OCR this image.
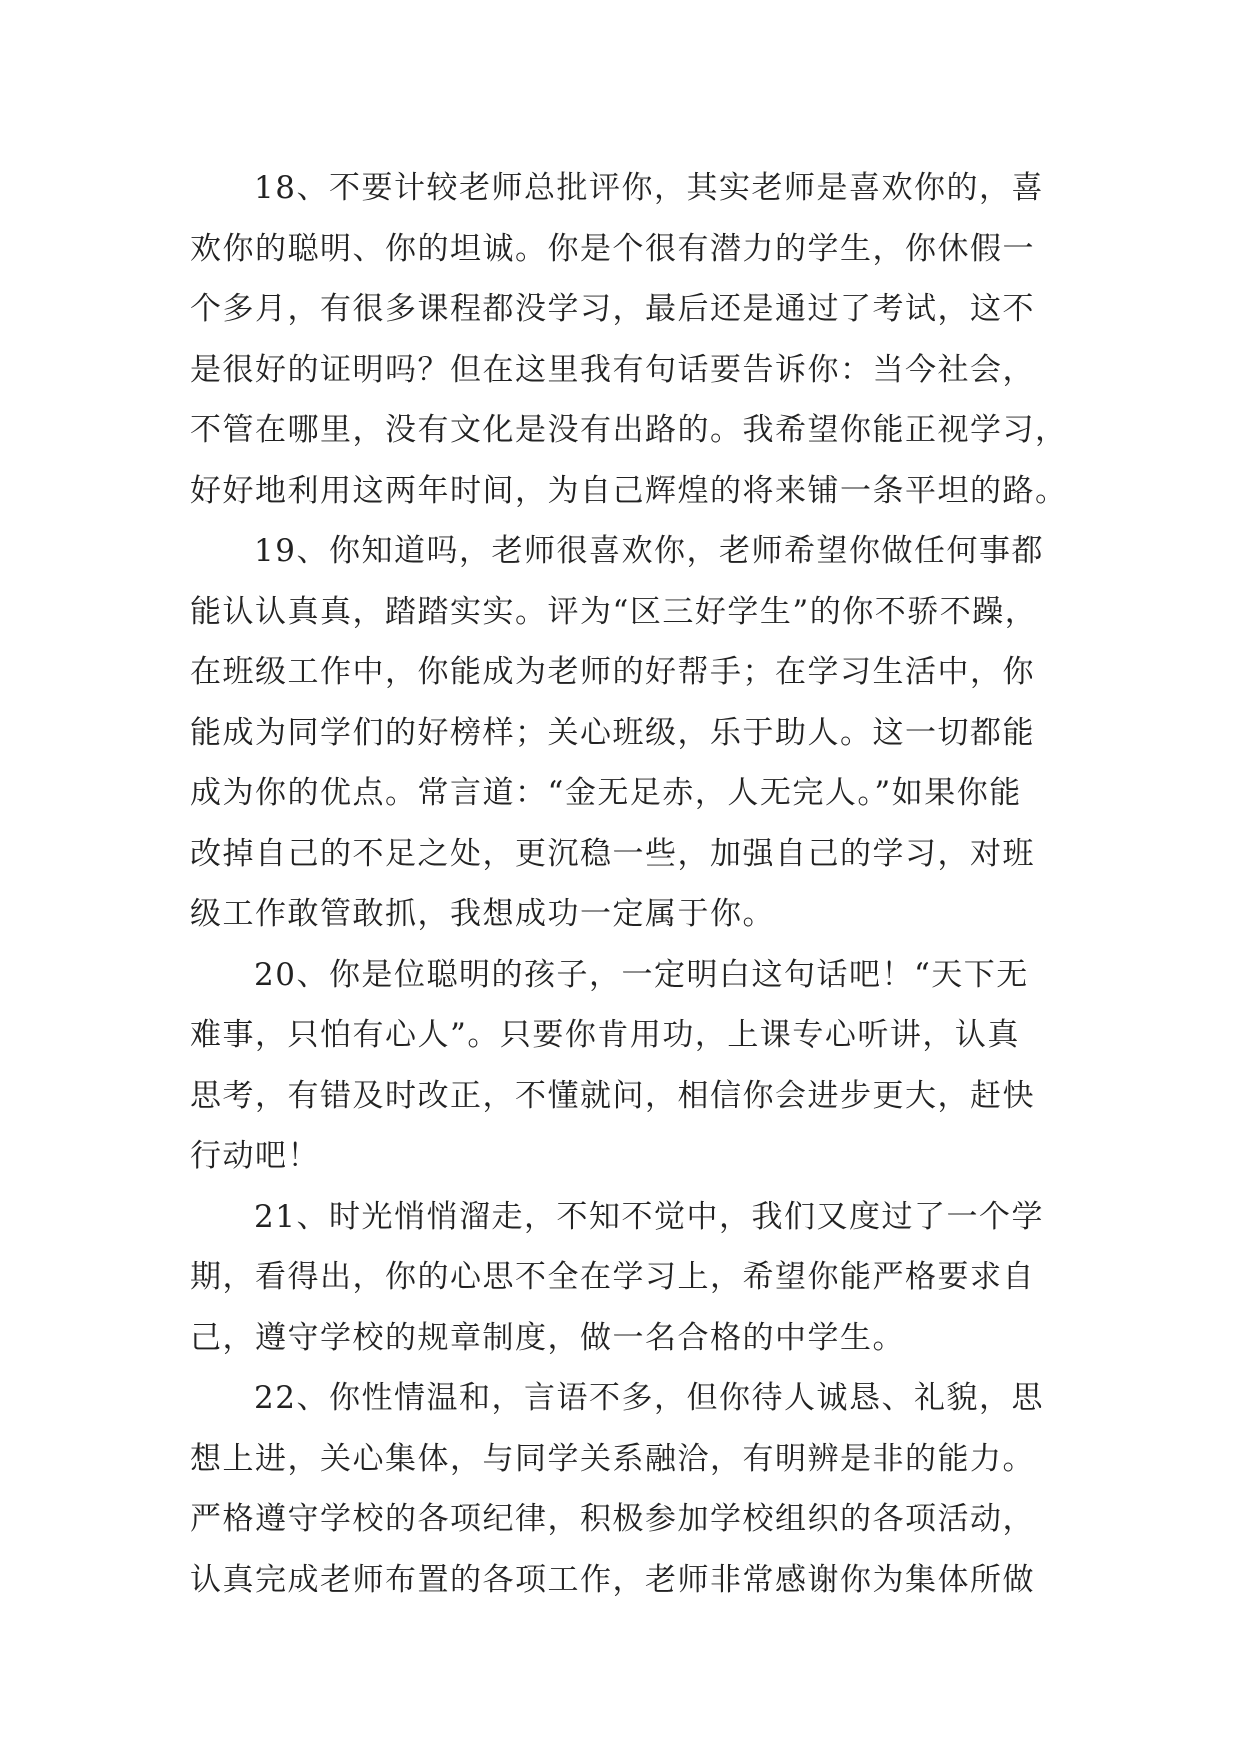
18、不要计较老师总批评你，其实老师是喜欢你的，喜
欢你的聪明、你的坦诚。你是个很有潜力的学生，你休假一
个多月，有很多课程都没学习，最后还是通过了考试，这不
是很好的证明吗？但在这里我有句话要告诉你：当今社会，
不管在哪里，没有文化是没有出路的。我希望你能正视学习，
好好地利用这两年时间，为自己辉煌的将来铺一条平坦的路。
19、你知道吗，老师很喜欢你，老师希望你做任何事都
能认认真真，踏踏实实。评为“区三好学生”的你不骄不躁，
在班级工作中，你能成为老师的好帮手；在学习生活中，你
能成为同学们的好榜样；关心班级，乐于助人。这一切都能
成为你的优点。常言道：“金无足赤，人无完人。”如果你能
改掉自己的不足之处，更沉稳一些，加强自己的学习，对班
级工作敢管敢抓，我想成功一定属于你。
20、你是位聪明的孩子，一定明白这句话吧！“天下无
难事，只怕有心人”。只要你肯用功，上课专心听讲，认真
思考，有错及时改正，不懂就问，相信你会进步更大，赶快
行动吧！
21、时光悄悄溜走，不知不觉中，我们又度过了一个学
期，看得出，你的心思不全在学习上，希望你能严格要求自
己，遵守学校的规章制度，做一名合格的中学生。
22、你性情温和，言语不多，但你待人诚恳、礼貌，思
想上进，关心集体，与同学关系融洽，有明辨是非的能力。
严格遵守学校的各项纪律，积极参加学校组织的各项活动，
认真完成老师布置的各项工作，老师非常感谢你为集体所做
